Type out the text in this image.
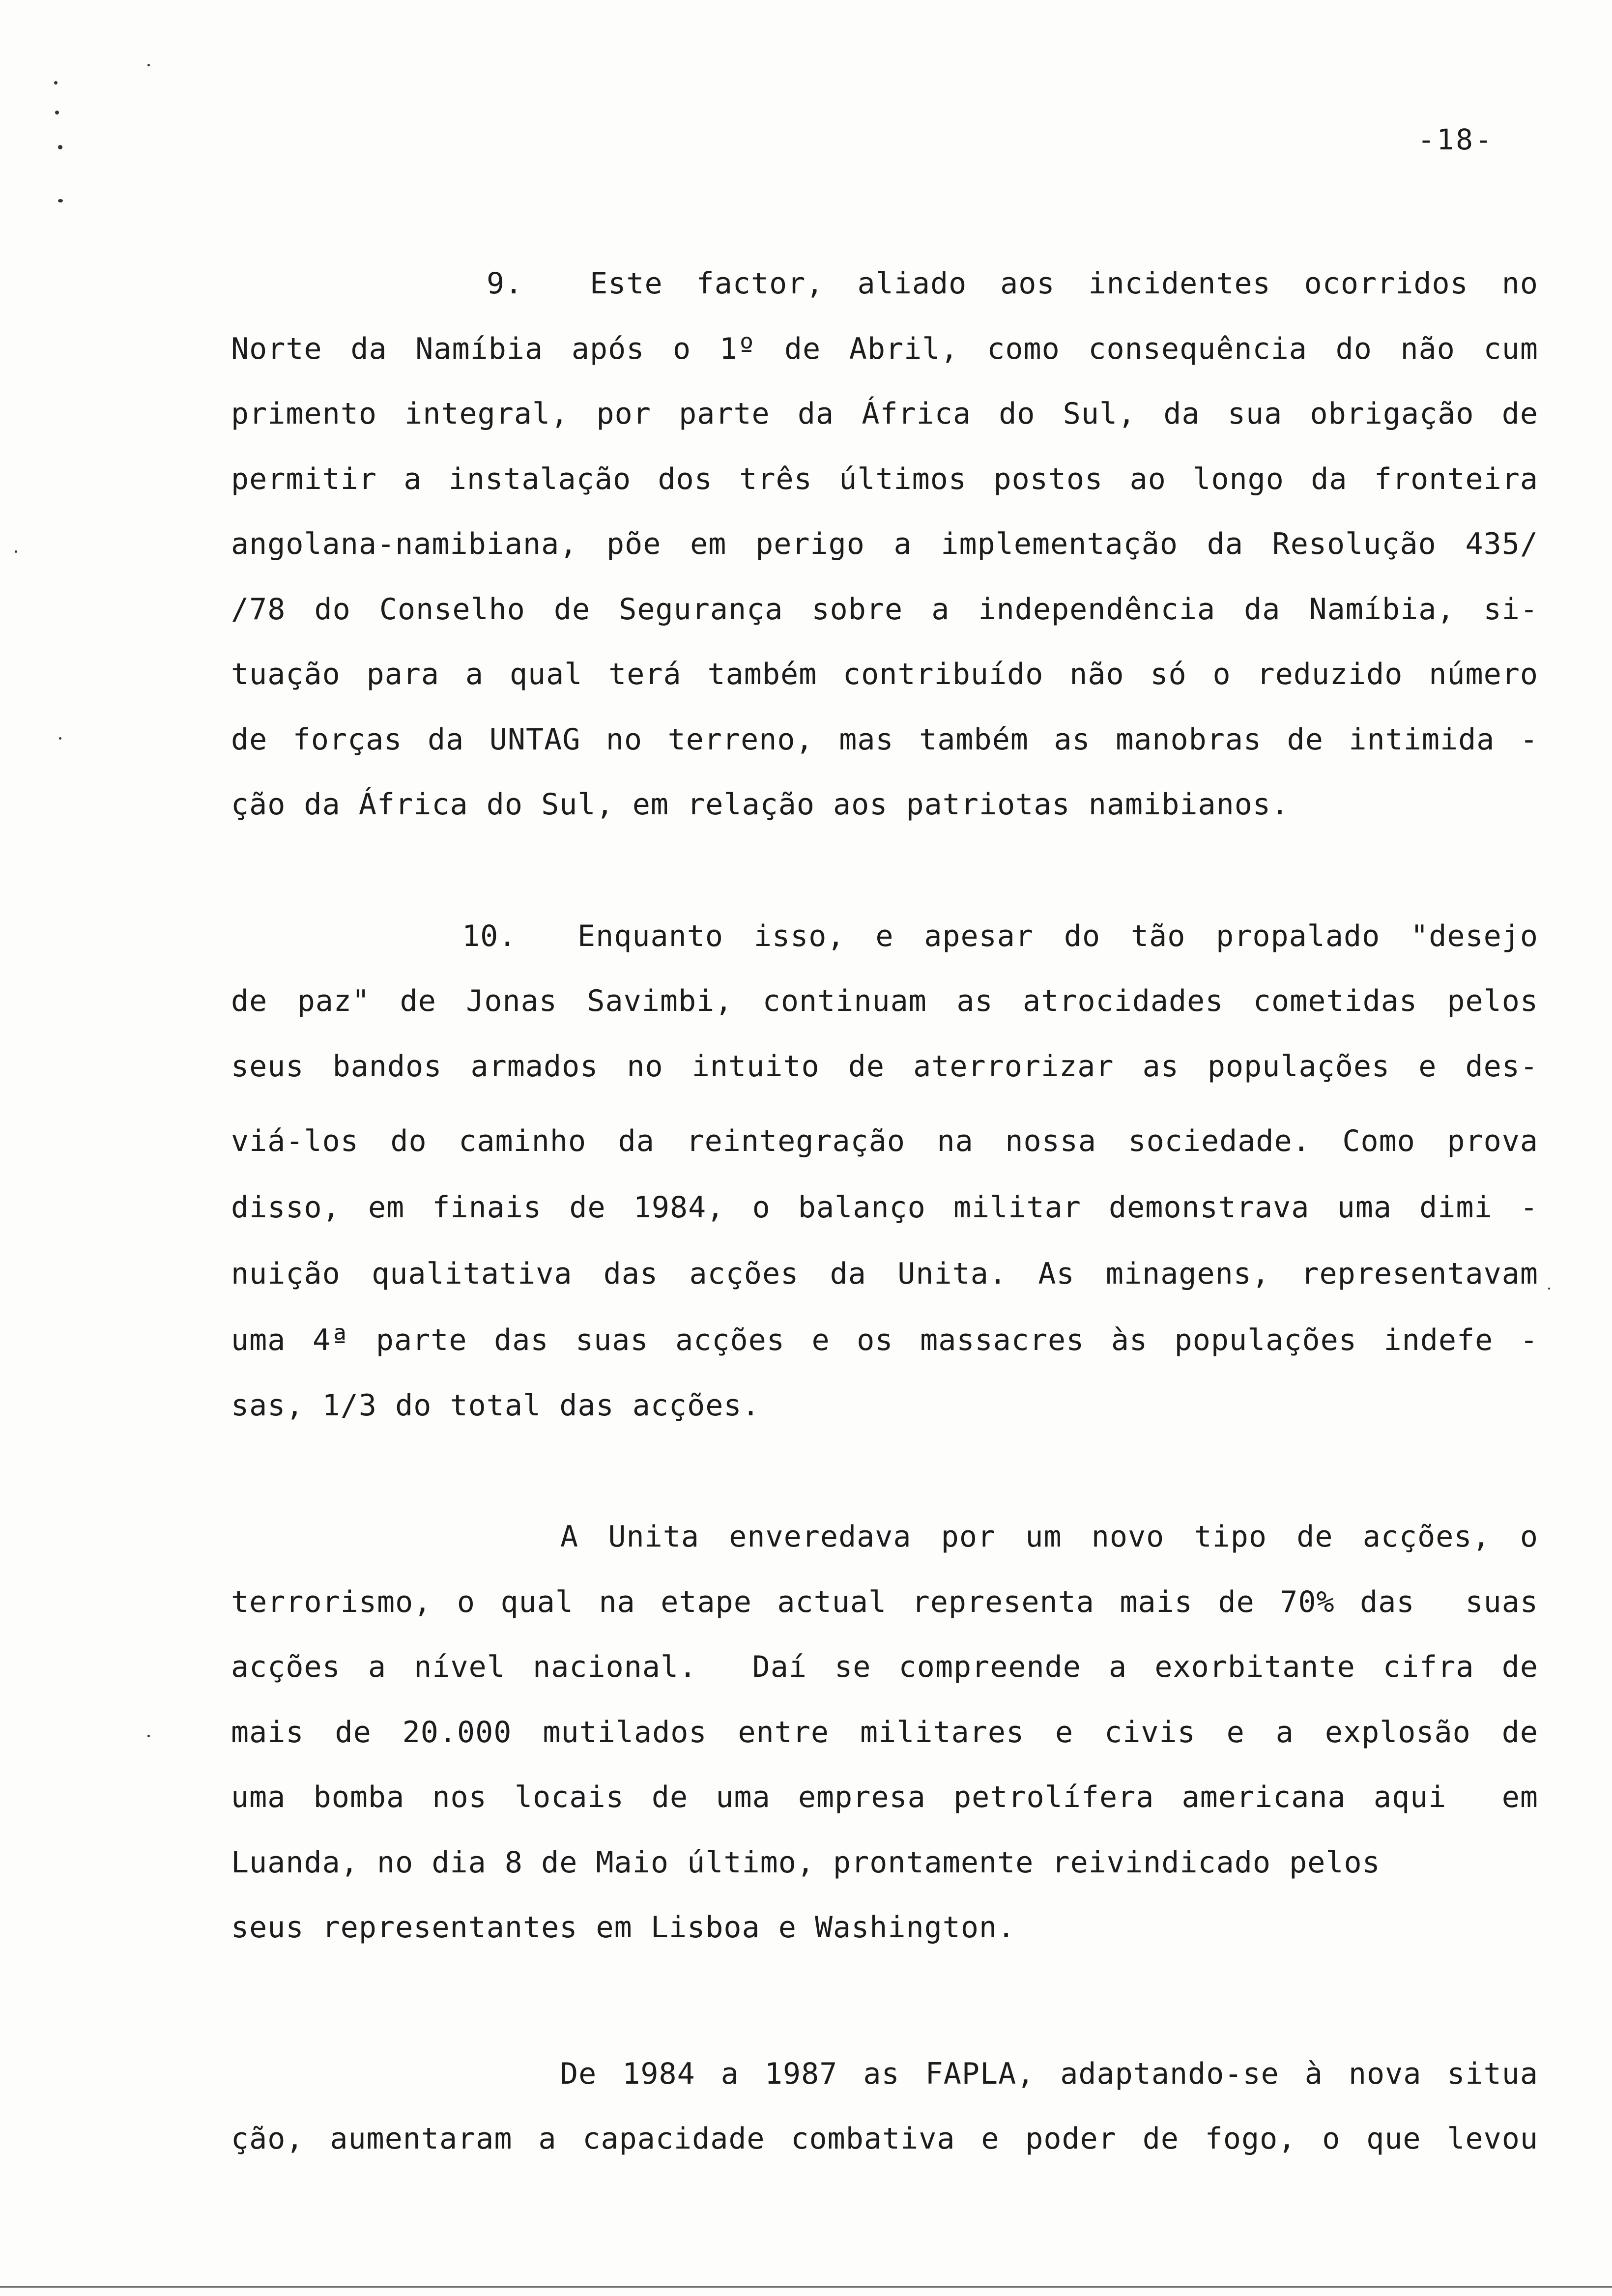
-18-
9.  Este factor, aliado aos incidentes ocorridos no
Norte da Namíbia após o 1º de Abril, como consequência do não cum
primento integral, por parte da África do Sul, da sua obrigação de
permitir a instalação dos três últimos postos ao longo da fronteira
angolana-namibiana, põe em perigo a implementação da Resolução 435/
/78 do Conselho de Segurança sobre a independência da Namíbia, si-
tuação para a qual terá também contribuído não só o reduzido número
de forças da UNTAG no terreno, mas também as manobras de intimida -
ção da África do Sul, em relação aos patriotas namibianos.
10.  Enquanto isso, e apesar do tão propalado "desejo
de paz" de Jonas Savimbi, continuam as atrocidades cometidas pelos
seus bandos armados no intuito de aterrorizar as populações e des-
viá-los do caminho da reintegração na nossa sociedade. Como prova
disso, em finais de 1984, o balanço militar demonstrava uma dimi -
nuição qualitativa das acções da Unita. As minagens, representavam
uma 4ª parte das suas acções e os massacres às populações indefe -
sas, 1/3 do total das acções.
A Unita enveredava por um novo tipo de acções, o
terrorismo, o qual na etape actual representa mais de 70% das  suas
acções a nível nacional.  Daí se compreende a exorbitante cifra de
mais de 20.000 mutilados entre militares e civis e a explosão de
uma bomba nos locais de uma empresa petrolífera americana aqui  em
Luanda, no dia 8 de Maio último, prontamente reivindicado pelos
seus representantes em Lisboa e Washington.
De 1984 a 1987 as FAPLA, adaptando-se à nova situa
ção, aumentaram a capacidade combativa e poder de fogo, o que levou
